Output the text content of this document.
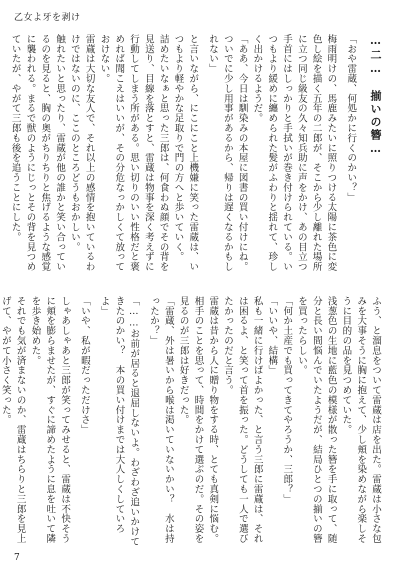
乙女よ牙を剥け

…二…　揃いの簪…

「おや雷蔵、何処かに行くのかい？」

梅雨明けの、馬鹿みたいに照りつける太陽に茶色に変色し絵を描く五年の二郎が、そこから少し離れた場所に立つ同じ級友の久々知兵助に声をかけ、あの目立つ手首にはしっかりと手拭いが巻き付けられている。いつもより緩めに纏められた髪がふわりと揺れて、珍しく出かけるようだ。

「ああ、今日は馴染みの本屋に図書の買い付けにね。ついでに少し用事があるから、帰りは遅くなるかもしれない」

と言いながら、にこにこと上機嫌に笑った雷蔵は、いつもより軽やかな足取りで門の方へと歩いていく。

詰めたいなぁと思った三郎は、何食わぬ顔でその背を見送り、目線を落とすと、雷蔵は物事を深く考えずに行動してしまう所がある。思い切りのいい性格だと褒めれば聞こえはいいが、その分危なっかしくて放っておけない。

雷蔵は大切な友人で、それ以上の感情を抱いているわけではないのに、ここのところどうもおかしい。

触れたいと思ったり、雷蔵が他の誰かと笑い合っているのを見ると、胸の奥がちりちりと焦げるような感覚に襲われる。まるで獣のようにじっとその背を見つめていたが、やがて三郎も後を追うことにした。

ふう、と溜息をついて雷蔵は店を出た。雷蔵は小さな包みを大事そうに胸に抱えて、少し頬を染めながら楽しそうに目的の品を見つめていた。

浅葱色の生地に藍色の模様が散った簪を手に取って、随分と長い間悩んでいたようだが、結局ひとつの揃いの簪を買ったらしい。

「何か土産でも買ってきてやろうか、三郎？」

「いいや、結構」

私も一緒に行けばよかった、と言う三郎に雷蔵は、それは困るよ、と笑って首を振った。どうしても一人で選びたかったのだと言う。

雷蔵は昔から人に贈り物をする時、とても真剣に悩む。相手のことを思って、時間をかけて選ぶのだ。その姿を見るのが三郎は好きだった。

「雷蔵、外は暑いから喉は渇いていないかい？　水は持ったか？」

「……お前が居ると退屈しないよ。わざわざ追いかけてきたのかい？　本の買い付けまでは大人しくしていろよ」

「いや、私が暇だっただけさ」

しゃあしゃあと三郎が笑ってみせると、雷蔵は不快そうに頬を膨らませたが、すぐに諦めたように息を吐いて隣を歩き始めた。

それでも気が済まないのか、雷蔵はちらりと三郎を見上げて、やがて小さく笑った。

7
